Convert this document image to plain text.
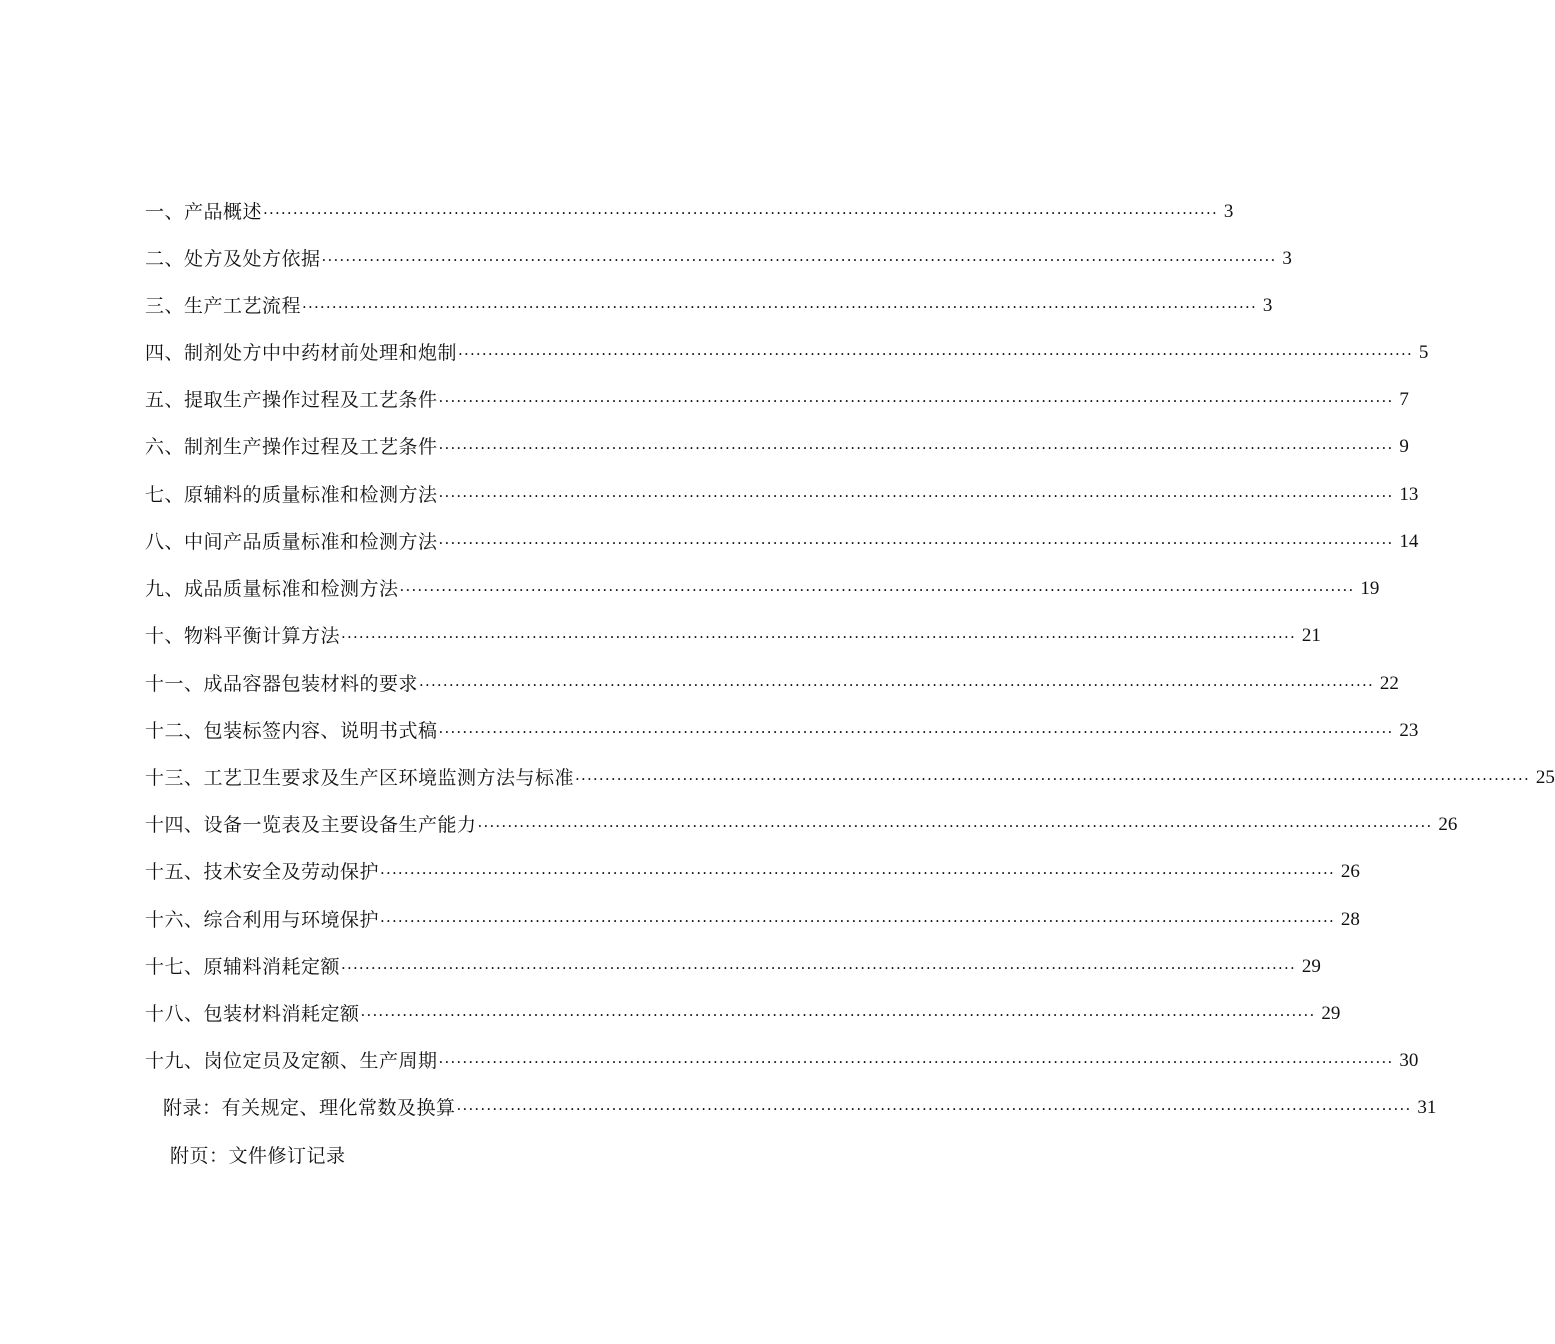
一、产品概述 ································································································································································ 3
二、处方及处方依据 ································································································································································ 3
三、生产工艺流程 ································································································································································ 3
四、制剂处方中中药材前处理和炮制 ································································································································································ 5
五、提取生产操作过程及工艺条件 ································································································································································ 7
六、制剂生产操作过程及工艺条件 ································································································································································ 9
七、原辅料的质量标准和检测方法 ································································································································································ 13
八、中间产品质量标准和检测方法 ································································································································································ 14
九、成品质量标准和检测方法 ································································································································································ 19
十、物料平衡计算方法 ································································································································································ 21
十一、成品容器包装材料的要求 ································································································································································ 22
十二、包装标签内容、说明书式稿 ································································································································································ 23
十三、工艺卫生要求及生产区环境监测方法与标准 ································································································································································ 25
十四、设备一览表及主要设备生产能力 ································································································································································ 26
十五、技术安全及劳动保护 ································································································································································ 26
十六、综合利用与环境保护 ································································································································································ 28
十七、原辅料消耗定额 ································································································································································ 29
十八、包装材料消耗定额 ································································································································································ 29
十九、岗位定员及定额、生产周期 ································································································································································ 30
附录：有关规定、理化常数及换算 ································································································································································ 31
附页：文件修订记录
